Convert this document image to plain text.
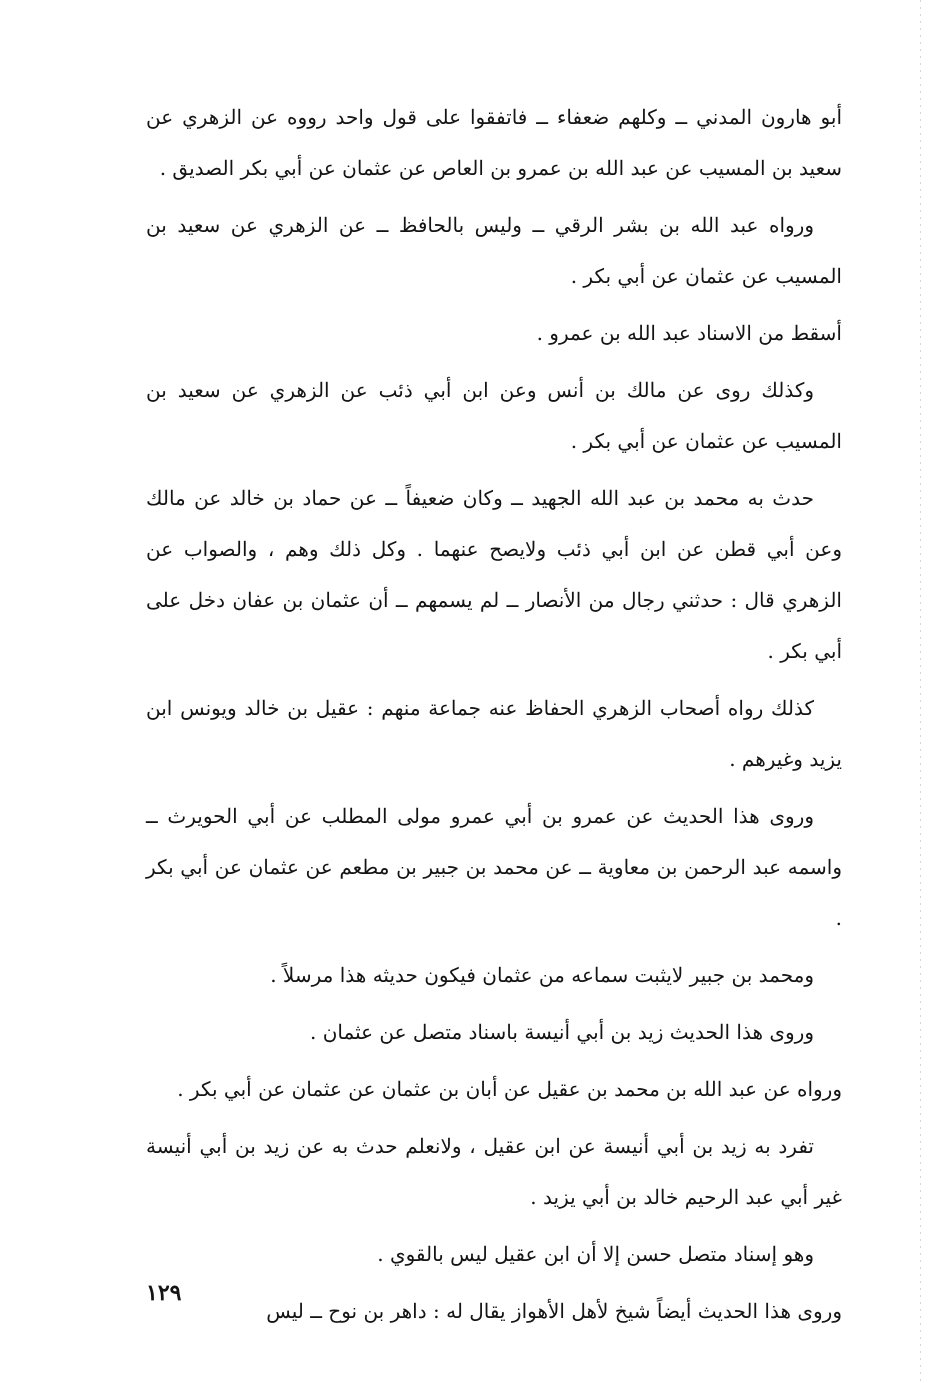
أبو هارون المدني ــ وكلهم ضعفاء ــ فاتفقوا على قول واحد رووه عن الزهري عن سعيد بن المسيب عن عبد الله بن عمرو بن العاص عن عثمان عن أبي بكر الصديق .

ورواه عبد الله بن بشر الرقي ــ وليس بالحافظ ــ عن الزهري عن سعيد بن المسيب عن عثمان عن أبي بكر .

أسقط من الاسناد عبد الله بن عمرو .

وكذلك روى عن مالك بن أنس وعن ابن أبي ذئب عن الزهري عن سعيد بن المسيب عن عثمان عن أبي بكر .

حدث به محمد بن عبد الله الجهيد ــ وكان ضعيفاً ــ عن حماد بن خالد عن مالك وعن أبي قطن عن ابن أبي ذئب ولايصح عنهما . وكل ذلك وهم ، والصواب عن الزهري قال : حدثني رجال من الأنصار ــ لم يسمهم ــ أن عثمان بن عفان دخل على أبي بكر .

كذلك رواه أصحاب الزهري الحفاظ عنه جماعة منهم : عقيل بن خالد ويونس ابن يزيد وغيرهم .

وروى هذا الحديث عن عمرو بن أبي عمرو مولى المطلب عن أبي الحويرث ــ واسمه عبد الرحمن بن معاوية ــ عن محمد بن جبير بن مطعم عن عثمان عن أبي بكر .

ومحمد بن جبير لايثبت سماعه من عثمان فيكون حديثه هذا مرسلاً .

وروى هذا الحديث زيد بن أبي أنيسة باسناد متصل عن عثمان .

ورواه عن عبد الله بن محمد بن عقيل عن أبان بن عثمان عن عثمان عن أبي بكر .

تفرد به زيد بن أبي أنيسة عن ابن عقيل ، ولانعلم حدث به عن زيد بن أبي أنيسة غير أبي عبد الرحيم خالد بن أبي يزيد .

وهو إسناد متصل حسن إلا أن ابن عقيل ليس بالقوي .

وروى هذا الحديث أيضاً شيخ لأهل الأهواز يقال له : داهر بن نوح ــ ليس

١٢٩
